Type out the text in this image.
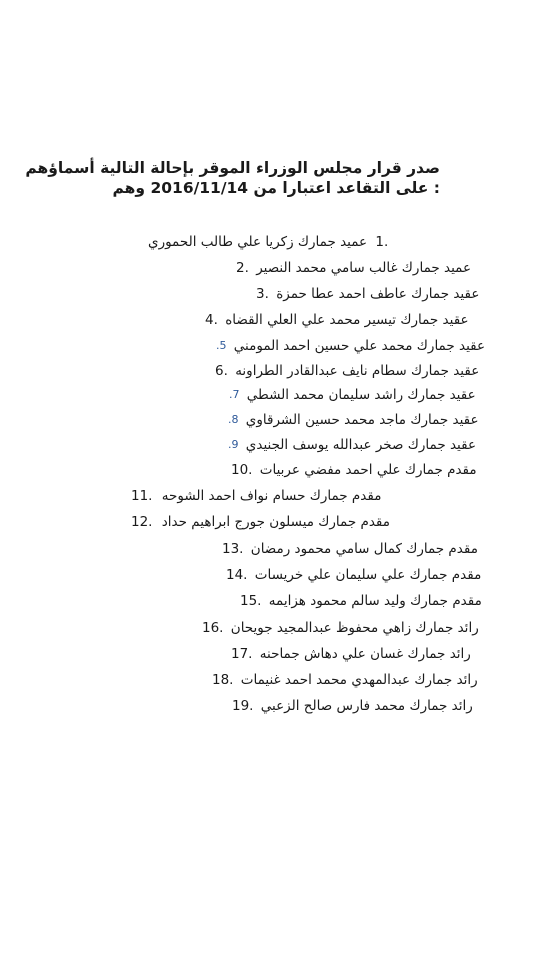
صدر قرار مجلس الوزراء الموقر بإحالة التالية أسماؤهم
: على التقاعد اعتبارا من 2016/11/14 وهم
عميد جمارك زكريا علي طالب الحموري 1.
2. عميد جمارك غالب سامي محمد النصير
3. عقيد جمارك عاطف احمد عطا حمزة
4. عقيد جمارك تيسير محمد علي العلي القضاه
.5 عقيد جمارك محمد علي حسين احمد المومني
6. عقيد جمارك سطام نايف عبدالقادر الطراونه
.7 عقيد جمارك راشد سليمان محمد الشطي
.8 عقيد جمارك ماجد محمد حسين الشرقاوي
.9 عقيد جمارك صخر عبدالله يوسف الجنيدي
10. مقدم جمارك علي احمد مفضي عربيات
11. مقدم جمارك حسام نواف احمد الشوحه
12. مقدم جمارك ميسلون جورج ابراهيم حداد
13. مقدم جمارك كمال سامي محمود رمضان
14. مقدم جمارك علي سليمان علي خريسات
15. مقدم جمارك وليد سالم محمود هزايمه
16. رائد جمارك زاهي محفوظ عبدالمجيد جويحان
17. رائد جمارك غسان علي دهاش جماحنه
18. رائد جمارك عبدالمهدي محمد احمد غنيمات
19. رائد جمارك محمد فارس صالح الزعبي
